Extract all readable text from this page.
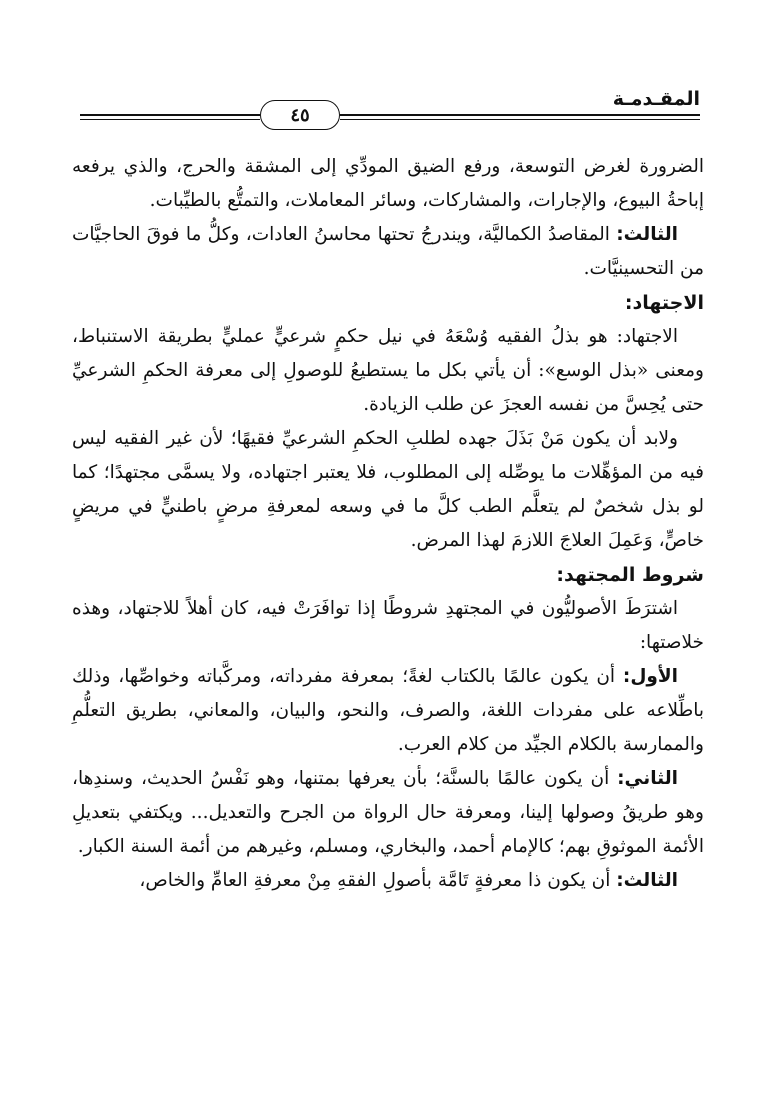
المقـدمـة
٤٥

الضرورة لغرض التوسعة، ورفع الضيق المودِّي إلى المشقة والحرج، والذي يرفعه إباحةُ البيوع، والإجارات، والمشاركات، وسائر المعاملات، والتمتُّع بالطيِّبات.

الثالث: المقاصدُ الكماليَّة، ويندرجُ تحتها محاسنُ العادات، وكلُّ ما فوقَ الحاجيَّات من التحسينيَّات.

الاجتهاد:

الاجتهاد: هو بذلُ الفقيه وُسْعَهُ في نيل حكمٍ شرعيٍّ عمليٍّ بطريقة الاستنباط، ومعنى «بذل الوسع»: أن يأتي بكل ما يستطيعُ للوصولِ إلى معرفة الحكمِ الشرعيِّ حتى يُحِسَّ من نفسه العجزَ عن طلب الزيادة.

ولابد أن يكون مَنْ بَذَلَ جهده لطلبِ الحكمِ الشرعيِّ فقيهًا؛ لأن غير الفقيه ليس فيه من المؤهِّلات ما يوصِّله إلى المطلوب، فلا يعتبر اجتهاده، ولا يسمَّى مجتهدًا؛ كما لو بذل شخصٌ لم يتعلَّم الطب كلَّ ما في وسعه لمعرفةِ مرضٍ باطنيٍّ في مريضٍ خاصٍّ، وَعَمِلَ العلاجَ اللازمَ لهذا المرض.

شروط المجتهد:

اشترَطَ الأصوليُّون في المجتهدِ شروطًا إذا توافَرَتْ فيه، كان أهلاً للاجتهاد، وهذه خلاصتها:

الأول: أن يكون عالمًا بالكتاب لغةً؛ بمعرفة مفرداته، ومركَّباته وخواصِّها، وذلك باطِّلاعه على مفردات اللغة، والصرف، والنحو، والبيان، والمعاني، بطريق التعلُّمِ والممارسة بالكلام الجيِّد من كلام العرب.

الثاني: أن يكون عالمًا بالسنَّة؛ بأن يعرفها بمتنها، وهو نَفْسُ الحديث، وسندِها، وهو طريقُ وصولها إلينا، ومعرفة حال الرواة من الجرح والتعديل... ويكتفي بتعديلِ الأئمة الموثوقِ بهم؛ كالإمام أحمد، والبخاري، ومسلم، وغيرهم من أئمة السنة الكبار.

الثالث: أن يكون ذا معرفةٍ تَامَّة بأصولِ الفقهِ مِنْ معرفةِ العامِّ والخاص،
